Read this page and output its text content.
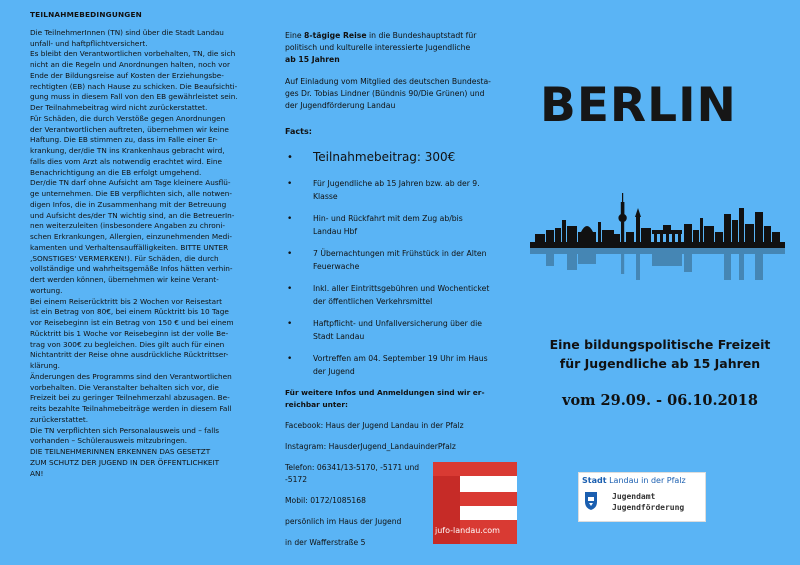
TEILNAHMEBEDINGUNGEN

Die TeilnehmerInnen (TN) sind über die Stadt Landau
unfall- und haftpflichtversichert.
Es bleibt den Verantwortlichen vorbehalten, TN, die sich
nicht an die Regeln und Anordnungen halten, noch vor
Ende der Bildungsreise auf Kosten der Erziehungsbe-
rechtigten (EB) nach Hause zu schicken. Die Beaufsichti-
gung muss in diesem Fall von den EB gewährleistet sein.
Der Teilnahmebeitrag wird nicht zurückerstattet.
Für Schäden, die durch Verstöße gegen Anordnungen
der Verantwortlichen auftreten, übernehmen wir keine
Haftung. Die EB stimmen zu, dass im Falle einer Er-
krankung, der/die TN ins Krankenhaus gebracht wird,
falls dies vom Arzt als notwendig erachtet wird. Eine
Benachrichtigung an die EB erfolgt umgehend.
Der/die TN darf ohne Aufsicht am Tage kleinere Ausflü-
ge unternehmen. Die EB verpflichten sich, alle notwen-
digen Infos, die in Zusammenhang mit der Betreuung
und Aufsicht des/der TN wichtig sind, an die BetreuerIn-
nen weiterzuleiten (insbesondere Angaben zu chroni-
schen Erkrankungen, Allergien, einzunehmenden Medi-
kamenten und Verhaltensauffälligkeiten. BITTE UNTER
‚SONSTIGES' VERMERKEN!). Für Schäden, die durch
vollständige und wahrheitsgemäße Infos hätten verhin-
dert werden können, übernehmen wir keine Verant-
wortung.
Bei einem Reiserücktritt bis 2 Wochen vor Reisestart
ist ein Betrag von 80€, bei einem Rücktritt bis 10 Tage
vor Reisebeginn ist ein Betrag von 150 € und bei einem
Rücktritt bis 1 Woche vor Reisebeginn ist der volle Be-
trag von 300€ zu begleichen. Dies gilt auch für einen
Nichtantritt der Reise ohne ausdrückliche Rücktrittser-
klärung.
Änderungen des Programms sind den Verantwortlichen
vorbehalten. Die Veranstalter behalten sich vor, die
Freizeit bei zu geringer Teilnehmerzahl abzusagen. Be-
reits bezahlte Teilnahmebeiträge werden in diesem Fall
zurückerstattet.
Die TN verpflichten sich Personalausweis und – falls
vorhanden – Schülerausweis mitzubringen.
DIE TEILNEHMERINNEN ERKENNEN DAS GESETZT
ZUM SCHUTZ DER JUGEND IN DER ÖFFENTLICHKEIT
AN!

Eine 8-tägige Reise in die Bundeshauptstadt für
politisch und kulturelle interessierte Jugendliche
ab 15 Jahren
Auf Einladung vom Mitglied des deutschen Bundesta-
ges Dr. Tobias Lindner (Bündnis 90/Die Grünen) und
der Jugendförderung Landau
Facts:
• Teilnahmebeitrag: 300€
• Für Jugendliche ab 15 Jahren bzw. ab der 9.
Klasse
• Hin- und Rückfahrt mit dem Zug ab/bis
Landau Hbf
• 7 Übernachtungen mit Frühstück in der Alten
Feuerwache
• Inkl. aller Eintrittsgebühren und Wochenticket
der öffentlichen Verkehrsmittel
• Haftpflicht- und Unfallversicherung über die
Stadt Landau
• Vortreffen am 04. September 19 Uhr im Haus
der Jugend
Für weitere Infos und Anmeldungen sind wir er-
reichbar unter:
Facebook: Haus der Jugend Landau in der Pfalz
Instagram: HausderJugend_LandauinderPfalz
Telefon: 06341/13-5170, -5171 und
-5172
Mobil: 0172/1085168
persönlich im Haus der Jugend
in der Wafferstraße 5
jufo-landau.com
BERLIN
Eine bildungspolitische Freizeit
für Jugendliche ab 15 Jahren
vom 29.09. - 06.10.2018
Stadt Landau in der Pfalz
Jugendamt
Jugendförderung
